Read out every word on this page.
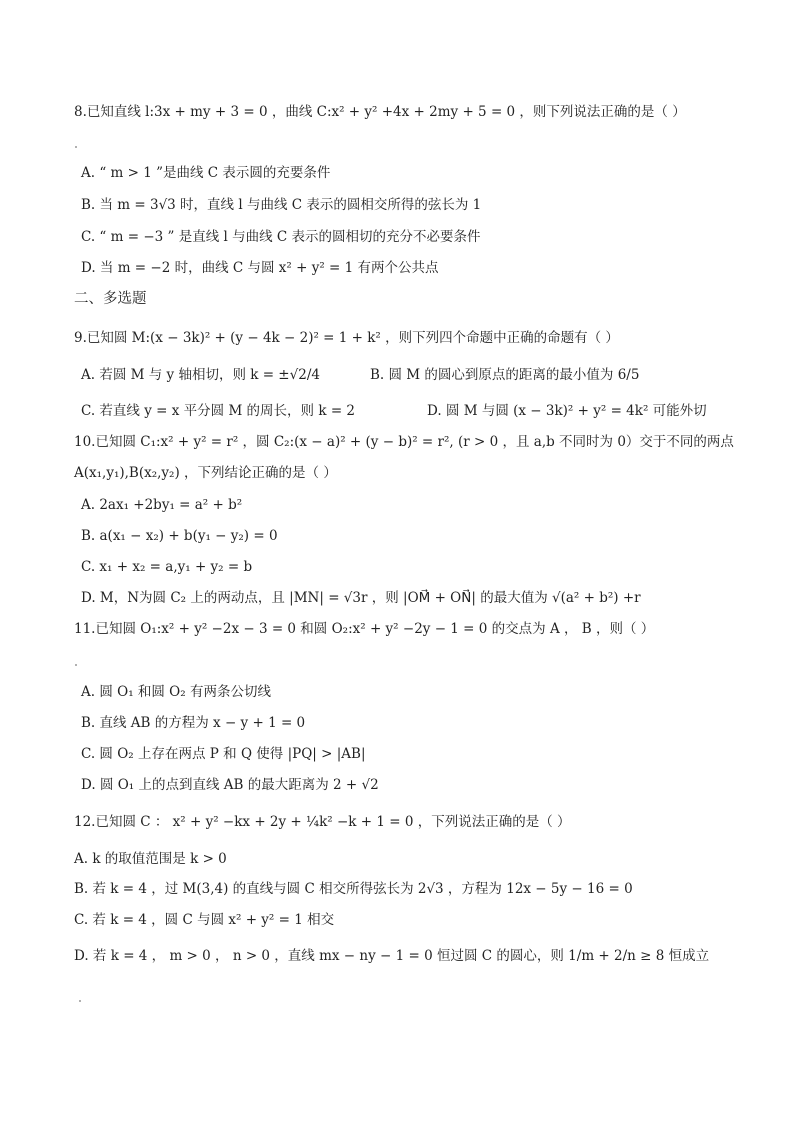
8.已知直线 l:3x + my + 3 = 0 ，曲线 C:x² + y² +4x + 2my + 5 = 0 ，则下列说法正确的是（ ）
A. “ m > 1 ”是曲线 C 表示圆的充要条件
B. 当 m = 3√3 时，直线 l 与曲线 C 表示的圆相交所得的弦长为 1
C. “ m = −3 ” 是直线 l 与曲线 C 表示的圆相切的充分不必要条件
D. 当 m = −2 时，曲线 C 与圆 x² + y² = 1 有两个公共点
二、多选题
9.已知圆 M:(x − 3k)² + (y − 4k − 2)² = 1 + k² ，则下列四个命题中正确的命题有（ ）
A. 若圆 M 与 y 轴相切，则 k = ±√2/4	B. 圆 M 的圆心到原点的距离的最小值为 6/5
C. 若直线 y = x 平分圆 M 的周长，则 k = 2	D. 圆 M 与圆 (x − 3k)² + y² = 4k² 可能外切
10.已知圆 C₁:x² + y² = r² ，圆 C₂:(x − a)² + (y − b)² = r², (r > 0 ，且 a,b 不同时为 0）交于不同的两点
A(x₁,y₁),B(x₂,y₂) ，下列结论正确的是（ ）
A. 2ax₁ +2by₁ = a² + b²
B. a(x₁ − x₂) + b(y₁ − y₂) = 0
C. x₁ + x₂ = a,y₁ + y₂ = b
D. M，N为圆 C₂ 上的两动点，且 |MN| = √3r ，则 |OM⃗ + ON⃗| 的最大值为 √(a² + b²) +r
11.已知圆 O₁:x² + y² −2x − 3 = 0 和圆 O₂:x² + y² −2y − 1 = 0 的交点为 A ， B ，则（ ）
A. 圆 O₁ 和圆 O₂ 有两条公切线
B. 直线 AB 的方程为 x − y + 1 = 0
C. 圆 O₂ 上存在两点 P 和 Q 使得 |PQ| > |AB|
D. 圆 O₁ 上的点到直线 AB 的最大距离为 2 + √2
12.已知圆 C ： x² + y² −kx + 2y + ¼k² −k + 1 = 0 ，下列说法正确的是（ ）
A. k 的取值范围是 k > 0
B. 若 k = 4 ，过 M(3,4) 的直线与圆 C 相交所得弦长为 2√3 ，方程为 12x − 5y − 16 = 0
C. 若 k = 4 ，圆 C 与圆 x² + y² = 1 相交
D. 若 k = 4 ， m > 0 ， n > 0 ，直线 mx − ny − 1 = 0 恒过圆 C 的圆心，则 1/m + 2/n ≥ 8 恒成立
